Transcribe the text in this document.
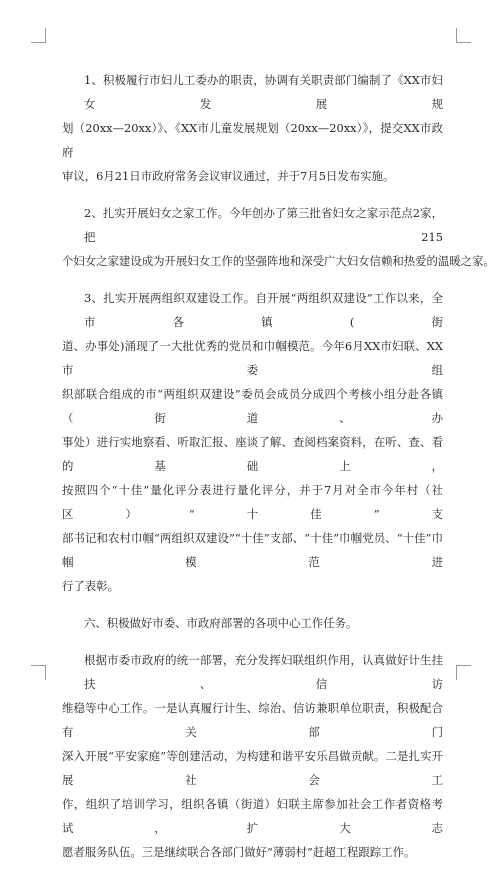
1、积极履行市妇儿工委办的职责，协调有关职责部门编制了《XX市妇女发展规
划（20xx—20xx）》、《XX市儿童发展规划（20xx—20xx）》，提交XX市政府
审议，6月21日市政府常务会议审议通过，并于7月5日发布实施。

2、扎实开展妇女之家工作。今年创办了第三批省妇女之家示范点2家，把215
个妇女之家建设成为开展妇女工作的坚强阵地和深受广大妇女信赖和热爱的温暖之家。

3、扎实开展两组织双建设工作。自开展“两组织双建设”工作以来，全市各镇(街
道、办事处)涌现了一大批优秀的党员和巾帼模范。今年6月XX市妇联、XX市委组
织部联合组成的市“两组织双建设”委员会成员分成四个考核小组分赴各镇（街道、办
事处）进行实地察看、听取汇报、座谈了解、查阅档案资料，在听、查、看的基础上，
按照四个“十佳”量化评分表进行量化评分，并于7月对全市今年村（社区）“十佳”支
部书记和农村巾帼“两组织双建设”“十佳”支部、“十佳”巾帼党员、“十佳”巾帼模范进
行了表彰。

六、积极做好市委、市政府部署的各项中心工作任务。

根据市委市政府的统一部署，充分发挥妇联组织作用，认真做好计生挂扶、信访
维稳等中心工作。一是认真履行计生、综治、信访兼职单位职责，积极配合有关部门
深入开展“平安家庭”等创建活动，为构建和谐平安乐昌做贡献。二是扎实开展社会工
作，组织了培训学习，组织各镇（街道）妇联主席参加社会工作者资格考试，扩大志
愿者服务队伍。三是继续联合各部门做好“薄弱村”赶超工程跟踪工作。
